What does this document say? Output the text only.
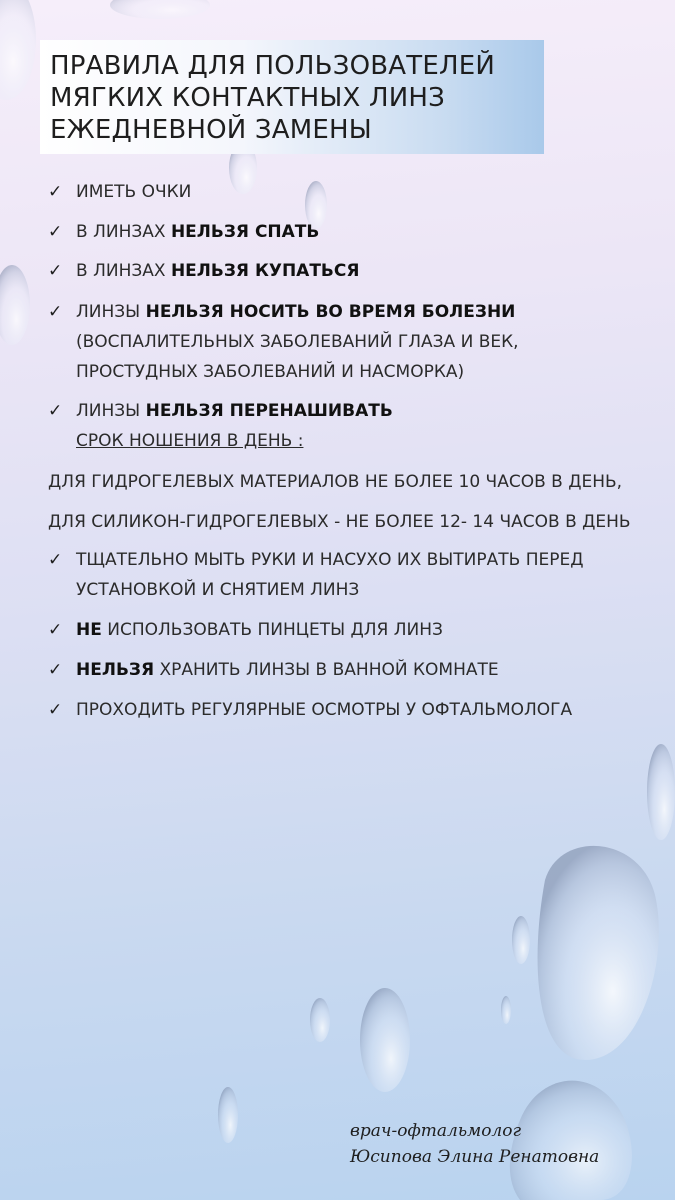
ПРАВИЛА ДЛЯ ПОЛЬЗОВАТЕЛЕЙ
МЯГКИХ КОНТАКТНЫХ ЛИНЗ
ЕЖЕДНЕВНОЙ ЗАМЕНЫ
✓ ИМЕТЬ ОЧКИ
✓ В ЛИНЗАХ НЕЛЬЗЯ СПАТЬ
✓ В ЛИНЗАХ НЕЛЬЗЯ КУПАТЬСЯ
✓ ЛИНЗЫ НЕЛЬЗЯ НОСИТЬ ВО ВРЕМЯ БОЛЕЗНИ
(ВОСПАЛИТЕЛЬНЫХ ЗАБОЛЕВАНИЙ ГЛАЗА И ВЕК,
ПРОСТУДНЫХ ЗАБОЛЕВАНИЙ И НАСМОРКА)
✓ ЛИНЗЫ НЕЛЬЗЯ ПЕРЕНАШИВАТЬ
СРОК НОШЕНИЯ В ДЕНЬ :
ДЛЯ ГИДРОГЕЛЕВЫХ МАТЕРИАЛОВ НЕ БОЛЕЕ 10 ЧАСОВ В ДЕНЬ,
ДЛЯ СИЛИКОН-ГИДРОГЕЛЕВЫХ - НЕ БОЛЕЕ 12- 14 ЧАСОВ В ДЕНЬ
✓ ТЩАТЕЛЬНО МЫТЬ РУКИ И НАСУХО ИХ ВЫТИРАТЬ ПЕРЕД
УСТАНОВКОЙ И СНЯТИЕМ ЛИНЗ
✓ НЕ ИСПОЛЬЗОВАТЬ ПИНЦЕТЫ ДЛЯ ЛИНЗ
✓ НЕЛЬЗЯ ХРАНИТЬ ЛИНЗЫ В ВАННОЙ КОМНАТЕ
✓ ПРОХОДИТЬ РЕГУЛЯРНЫЕ ОСМОТРЫ У ОФТАЛЬМОЛОГА
врач-офтальмолог
Юсипова Элина Ренатовна
